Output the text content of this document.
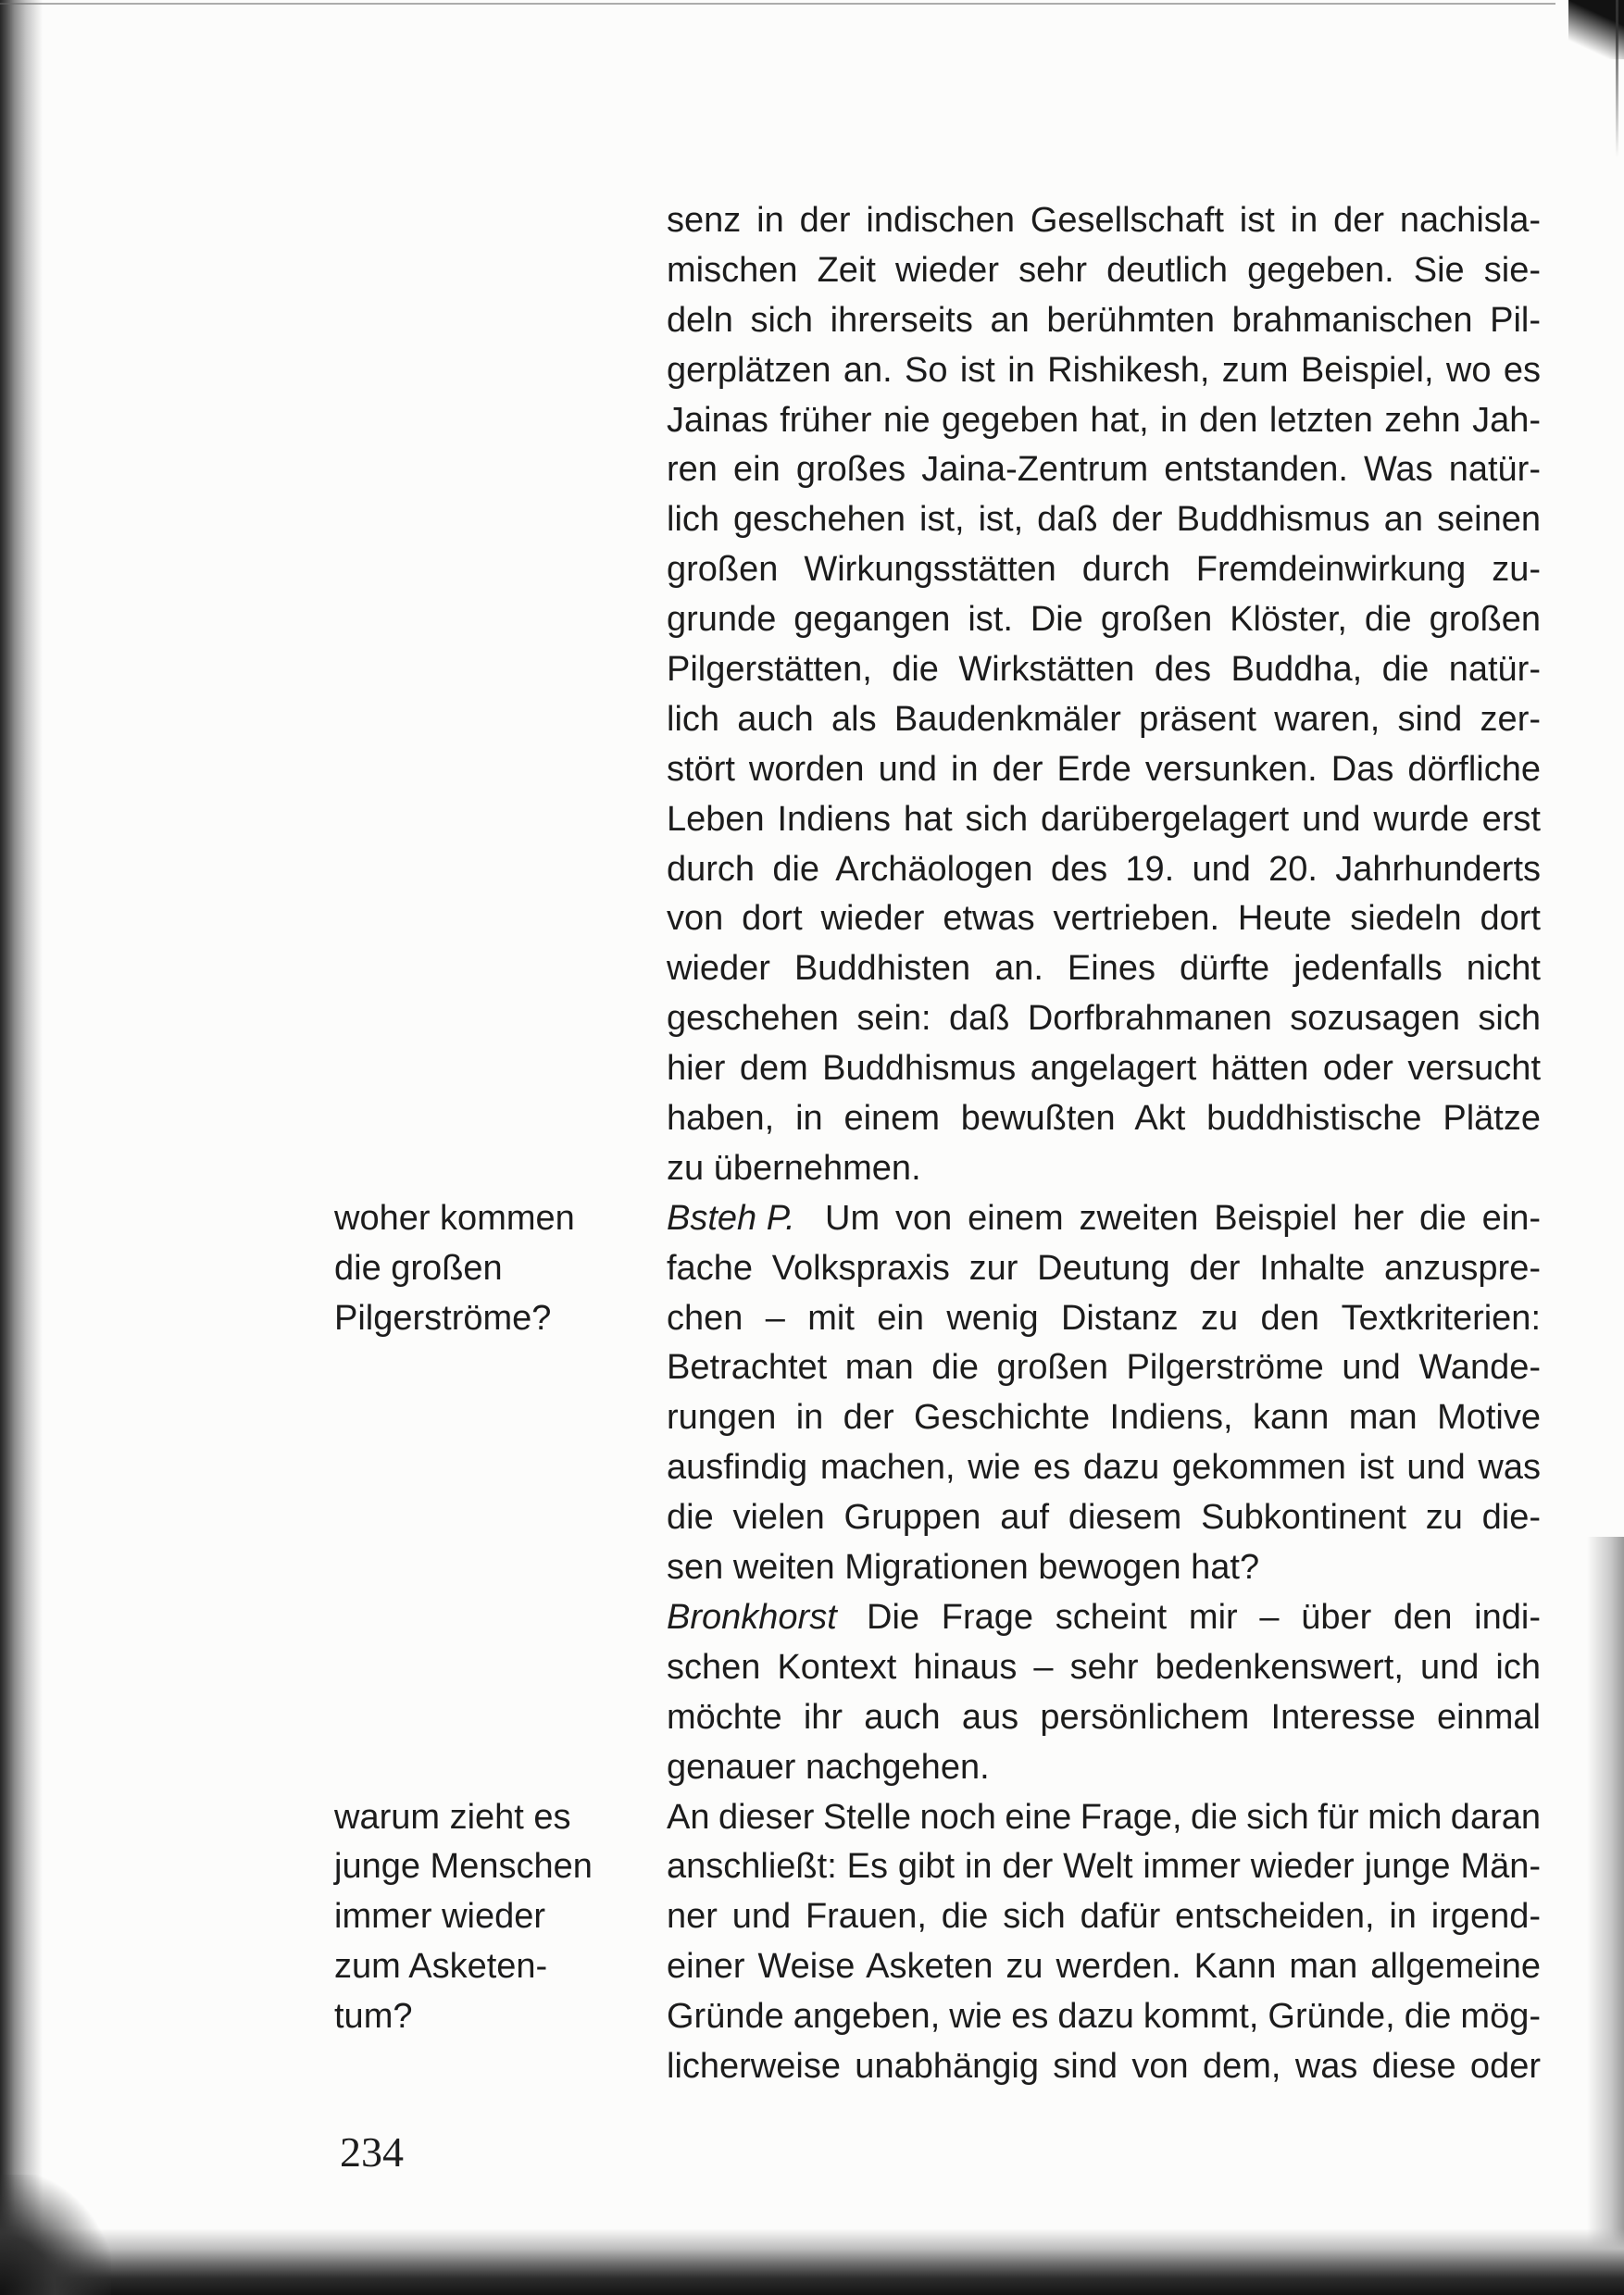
senz in der indischen Gesellschaft ist in der nachisla-
mischen Zeit wieder sehr deutlich gegeben. Sie sie-
deln sich ihrerseits an berühmten brahmanischen Pil-
gerplätzen an. So ist in Rishikesh, zum Beispiel, wo es
Jainas früher nie gegeben hat, in den letzten zehn Jah-
ren ein großes Jaina-Zentrum entstanden. Was natür-
lich geschehen ist, ist, daß der Buddhismus an seinen
großen Wirkungsstätten durch Fremdeinwirkung zu-
grunde gegangen ist. Die großen Klöster, die großen
Pilgerstätten, die Wirkstätten des Buddha, die natür-
lich auch als Baudenkmäler präsent waren, sind zer-
stört worden und in der Erde versunken. Das dörfliche
Leben Indiens hat sich darübergelagert und wurde erst
durch die Archäologen des 19. und 20. Jahrhunderts
von dort wieder etwas vertrieben. Heute siedeln dort
wieder Buddhisten an. Eines dürfte jedenfalls nicht
geschehen sein: daß Dorfbrahmanen sozusagen sich
hier dem Buddhismus angelagert hätten oder versucht
haben, in einem bewußten Akt buddhistische Plätze
zu übernehmen.
woher kommen
die großen
Pilgerströme?
Bsteh P. Um von einem zweiten Beispiel her die ein-
fache Volkspraxis zur Deutung der Inhalte anzuspre-
chen – mit ein wenig Distanz zu den Textkriterien:
Betrachtet man die großen Pilgerströme und Wande-
rungen in der Geschichte Indiens, kann man Motive
ausfindig machen, wie es dazu gekommen ist und was
die vielen Gruppen auf diesem Subkontinent zu die-
sen weiten Migrationen bewogen hat?
Bronkhorst Die Frage scheint mir – über den indi-
schen Kontext hinaus – sehr bedenkenswert, und ich
möchte ihr auch aus persönlichem Interesse einmal
genauer nachgehen.
warum zieht es
junge Menschen
immer wieder
zum Asketen-
tum?
An dieser Stelle noch eine Frage, die sich für mich daran
anschließt: Es gibt in der Welt immer wieder junge Män-
ner und Frauen, die sich dafür entscheiden, in irgend-
einer Weise Asketen zu werden. Kann man allgemeine
Gründe angeben, wie es dazu kommt, Gründe, die mög-
licherweise unabhängig sind von dem, was diese oder
234
